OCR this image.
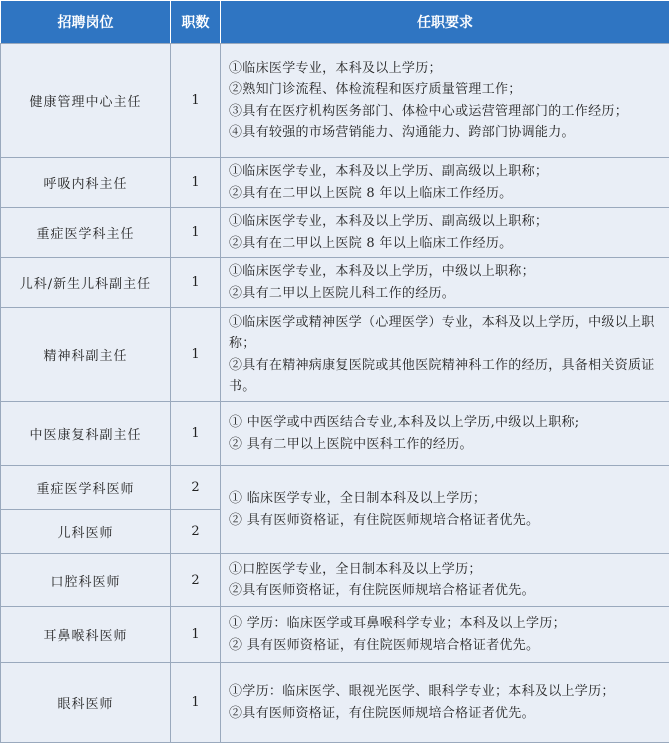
招聘岗位	职数	任职要求
健康管理中心主任	1	①临床医学专业，本科及以上学历；
②熟知门诊流程、体检流程和医疗质量管理工作；
③具有在医疗机构医务部门、体检中心或运营管理部门的工作经历；
④具有较强的市场营销能力、沟通能力、跨部门协调能力。

呼吸内科主任	1	①临床医学专业，本科及以上学历、副高级以上职称；
②具有在二甲以上医院 8 年以上临床工作经历。

重症医学科主任	1	①临床医学专业，本科及以上学历、副高级以上职称；
②具有在二甲以上医院 8 年以上临床工作经历。

儿科/新生儿科副主任	1	①临床医学专业，本科及以上学历，中级以上职称；
②具有二甲以上医院儿科工作的经历。

精神科副主任	1	①临床医学或精神医学（心理医学）专业，本科及以上学历，中级以上职称；
②具有在精神病康复医院或其他医院精神科工作的经历，具备相关资质证书。

中医康复科副主任	1	① 中医学或中西医结合专业,本科及以上学历,中级以上职称;
② 具有二甲以上医院中医科工作的经历。

重症医学科医师	2	① 临床医学专业，全日制本科及以上学历；
② 具有医师资格证，有住院医师规培合格证者优先。

儿科医师	2	
口腔科医师	2	①口腔医学专业，全日制本科及以上学历；
②具有医师资格证，有住院医师规培合格证者优先。

耳鼻喉科医师	1	① 学历：临床医学或耳鼻喉科学专业；本科及以上学历；
② 具有医师资格证，有住院医师规培合格证者优先。

眼科医师	1	①学历：临床医学、眼视光医学、眼科学专业；本科及以上学历；
②具有医师资格证，有住院医师规培合格证者优先。
